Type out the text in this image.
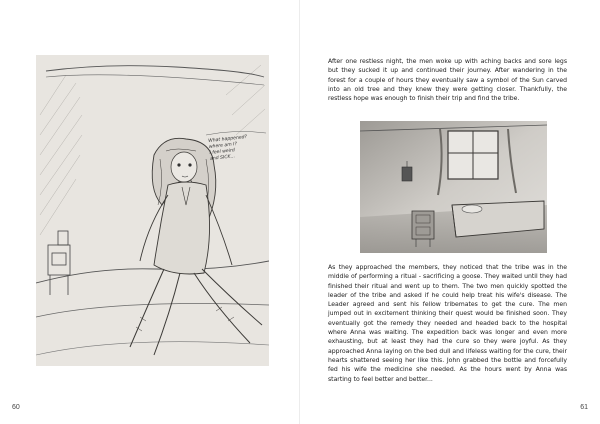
What happened?
where am I?
I feel weird
and SICK...
60

After one restless night, the men woke up with aching backs and sore legs but they sucked it up and continued their journey. After wandering in the forest for a couple of hours they eventually saw a symbol of the Sun carved into an old tree and they knew they were getting closer. Thankfully, the restless hope was enough to finish their trip and find the tribe.

As they approached the members, they noticed that the tribe was in the middle of performing a ritual - sacrificing a goose. They waited until they had finished their ritual and went up to them. The two men quickly spotted the leader of the tribe and asked if he could help treat his wife's disease. The Leader agreed and sent his fellow tribemates to get the cure. The men jumped out in excitement thinking their quest would be finished soon. They eventually got the remedy they needed and headed back to the hospital where Anna was waiting. The expedition back was longer and even more exhausting, but at least they had the cure so they were joyful. As they approached Anna laying on the bed dull and lifeless waiting for the cure, their hearts shattered seeing her like this. John grabbed the bottle and forcefully fed his wife the medicine she needed. As the hours went by Anna was starting to feel better and better...

61
